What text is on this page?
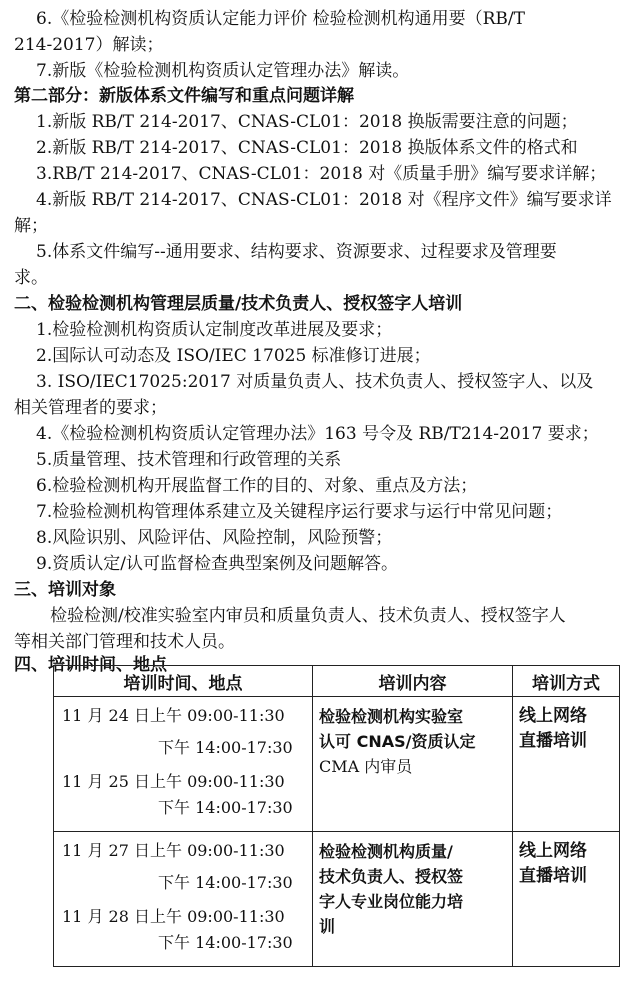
6.《检验检测机构资质认定能力评价 检验检测机构通用要（RB/T
214-2017）解读；
7.新版《检验检测机构资质认定管理办法》解读。
第二部分：新版体系文件编写和重点问题详解
1.新版 RB/T 214-2017、CNAS-CL01：2018 换版需要注意的问题；
2.新版 RB/T 214-2017、CNAS-CL01：2018 换版体系文件的格式和
3.RB/T 214-2017、CNAS-CL01：2018 对《质量手册》编写要求详解；
4.新版 RB/T 214-2017、CNAS-CL01：2018 对《程序文件》编写要求详
解；
5.体系文件编写--通用要求、结构要求、资源要求、过程要求及管理要
求。
二、检验检测机构管理层质量/技术负责人、授权签字人培训
1.检验检测机构资质认定制度改革进展及要求；
2.国际认可动态及 ISO/IEC 17025 标准修订进展；
3. ISO/IEC17025:2017 对质量负责人、技术负责人、授权签字人、以及
相关管理者的要求；
4.《检验检测机构资质认定管理办法》163 号令及 RB/T214-2017 要求；
5.质量管理、技术管理和行政管理的关系
6.检验检测机构开展监督工作的目的、对象、重点及方法；
7.检验检测机构管理体系建立及关键程序运行要求与运行中常见问题；
8.风险识别、风险评估、风险控制，风险预警；
9.资质认定/认可监督检查典型案例及问题解答。
三、培训对象
检验检测/校准实验室内审员和质量负责人、技术负责人、授权签字人
等相关部门管理和技术人员。
四、培训时间、地点
培训时间、地点	培训内容	培训方式

11 月 24 日上午 09:00-11:30
下午 14:00-17:30
11 月 25 日上午 09:00-11:30
下午 14:00-17:30	检验检测机构实验室
认可 CNAS/资质认定
CMA 内审员	线上网络
直播培训

11 月 27 日上午 09:00-11:30
下午 14:00-17:30
11 月 28 日上午 09:00-11:30
下午 14:00-17:30	检验检测机构质量/
技术负责人、授权签
字人专业岗位能力培
训	线上网络
直播培训
